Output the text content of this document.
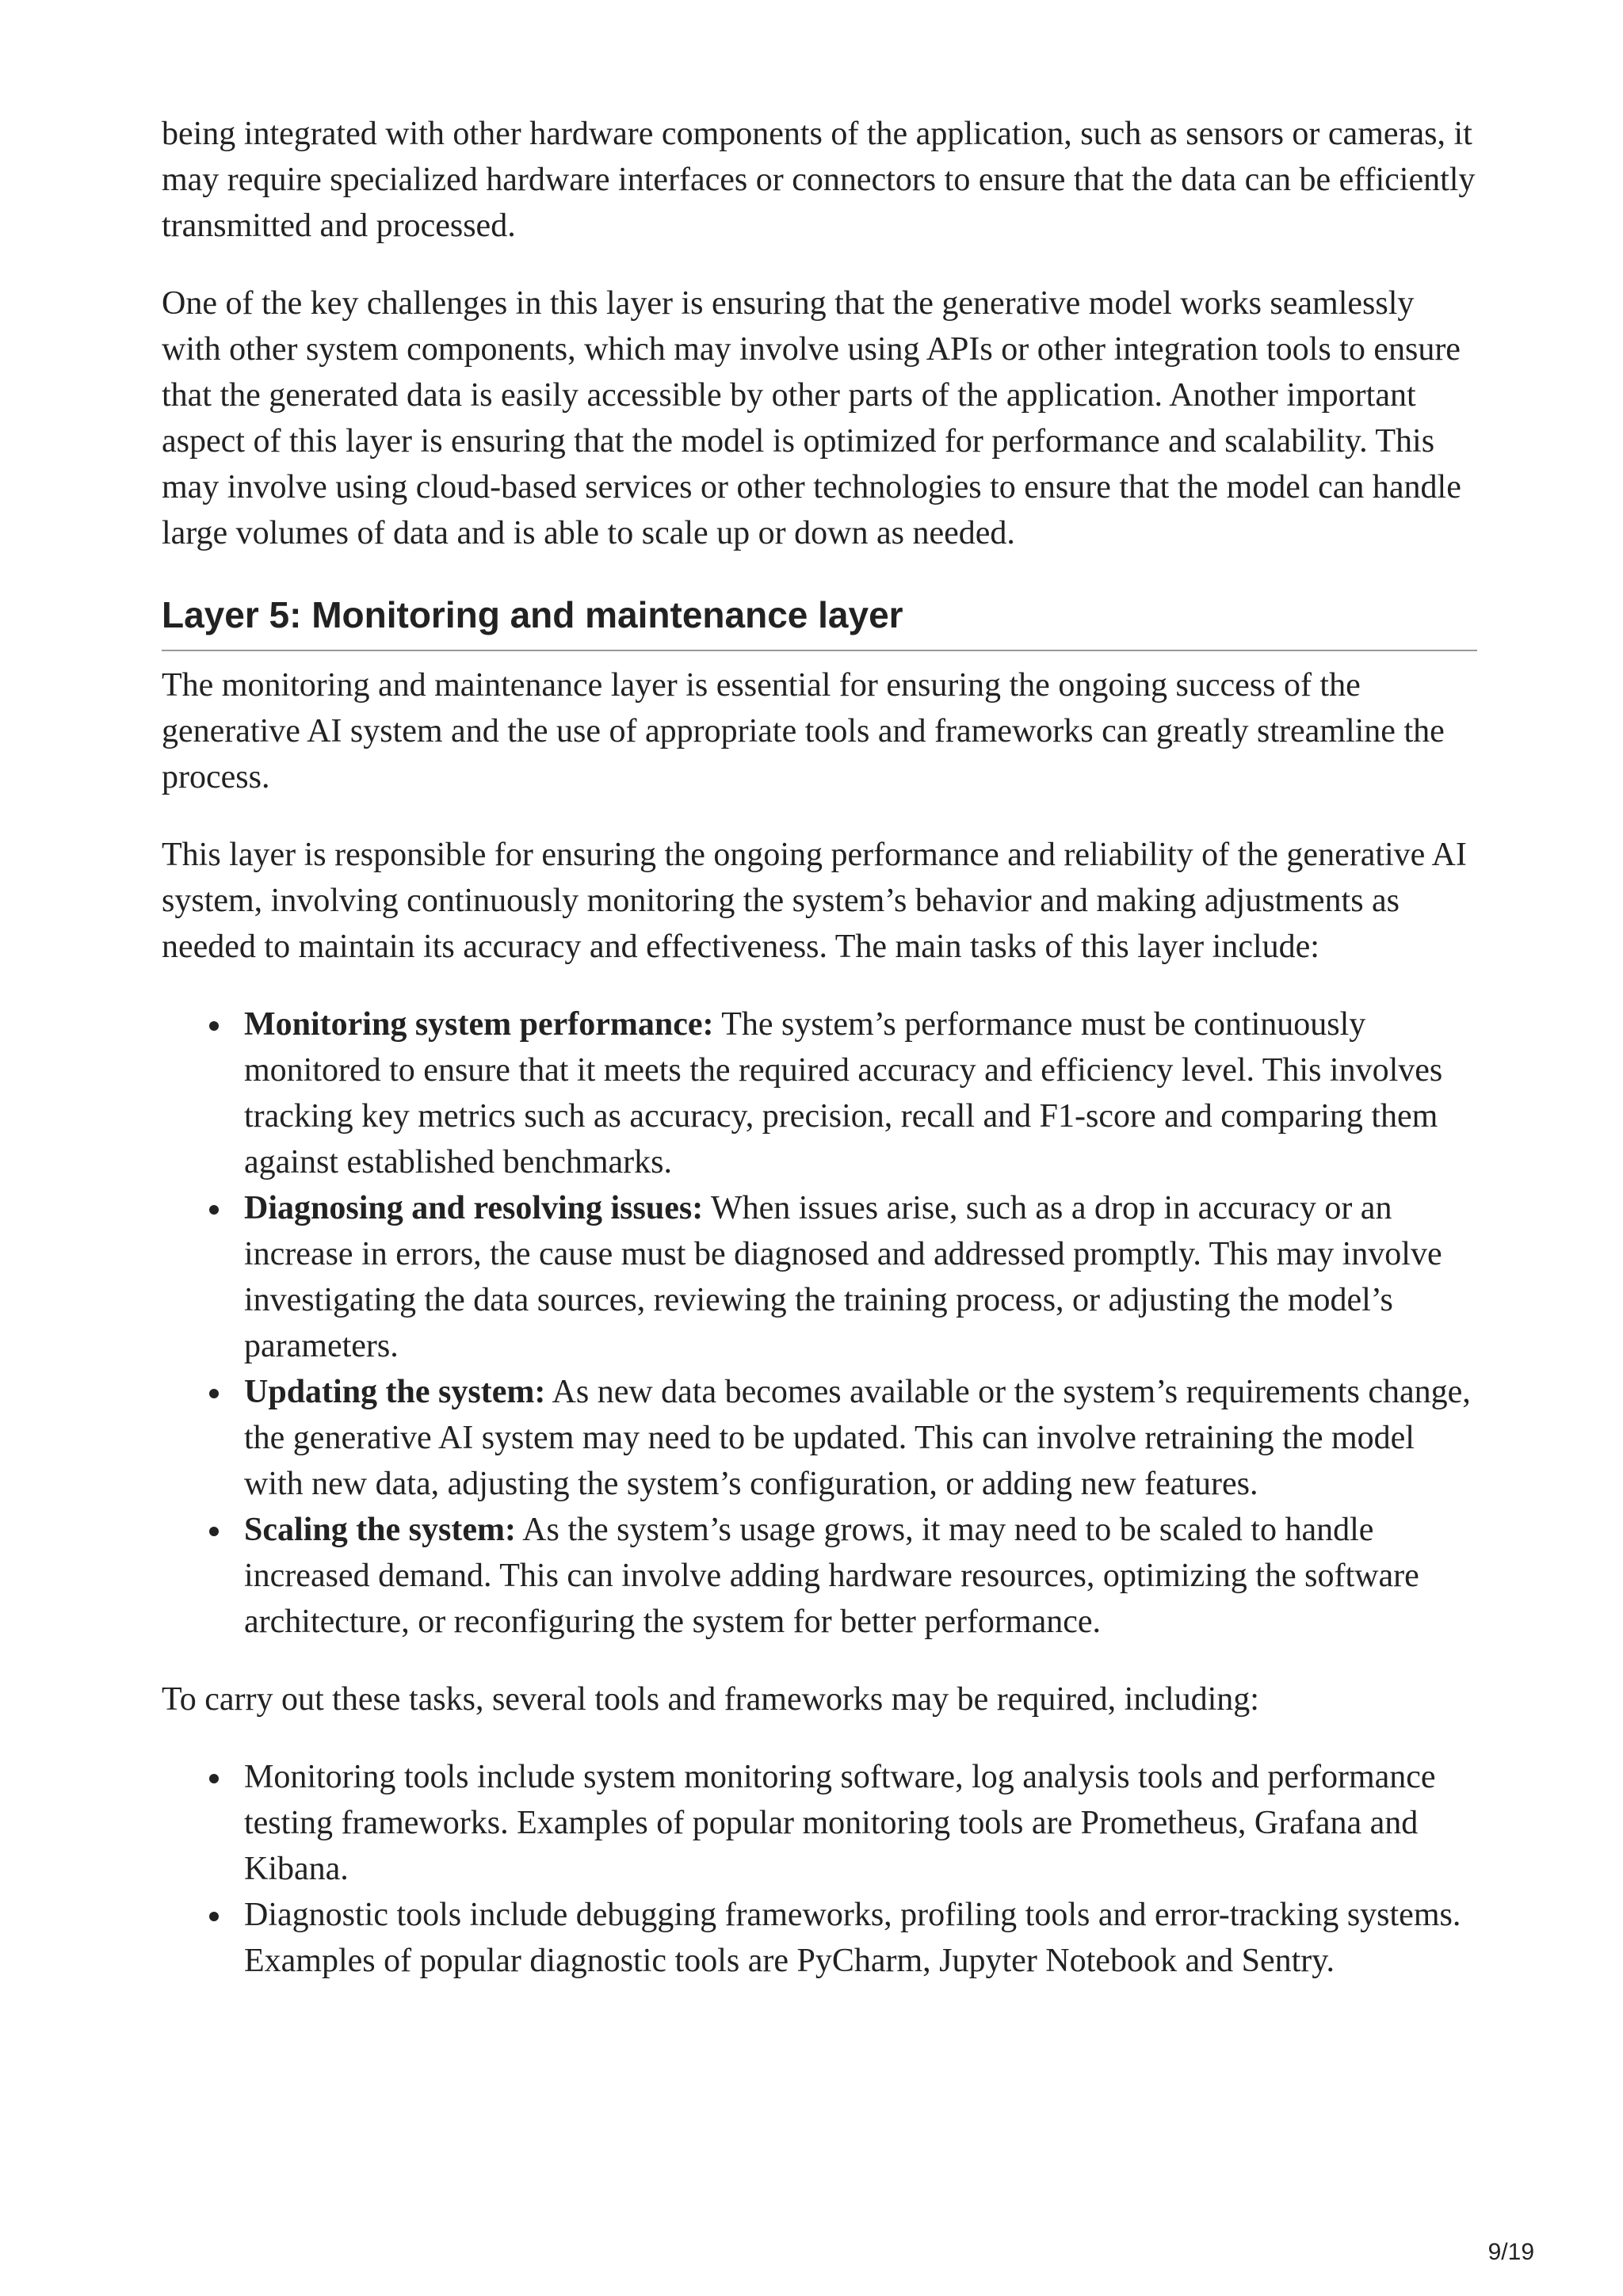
being integrated with other hardware components of the application, such as sensors or cameras, it may require specialized hardware interfaces or connectors to ensure that the data can be efficiently transmitted and processed.

One of the key challenges in this layer is ensuring that the generative model works seamlessly with other system components, which may involve using APIs or other integration tools to ensure that the generated data is easily accessible by other parts of the application. Another important aspect of this layer is ensuring that the model is optimized for performance and scalability. This may involve using cloud-based services or other technologies to ensure that the model can handle large volumes of data and is able to scale up or down as needed.

Layer 5: Monitoring and maintenance layer

The monitoring and maintenance layer is essential for ensuring the ongoing success of the generative AI system and the use of appropriate tools and frameworks can greatly streamline the process.

This layer is responsible for ensuring the ongoing performance and reliability of the generative AI system, involving continuously monitoring the system’s behavior and making adjustments as needed to maintain its accuracy and effectiveness. The main tasks of this layer include:

Monitoring system performance: The system’s performance must be continuously monitored to ensure that it meets the required accuracy and efficiency level. This involves tracking key metrics such as accuracy, precision, recall and F1-score and comparing them against established benchmarks.
Diagnosing and resolving issues: When issues arise, such as a drop in accuracy or an increase in errors, the cause must be diagnosed and addressed promptly. This may involve investigating the data sources, reviewing the training process, or adjusting the model’s parameters.
Updating the system: As new data becomes available or the system’s requirements change, the generative AI system may need to be updated. This can involve retraining the model with new data, adjusting the system’s configuration, or adding new features.
Scaling the system: As the system’s usage grows, it may need to be scaled to handle increased demand. This can involve adding hardware resources, optimizing the software architecture, or reconfiguring the system for better performance.

To carry out these tasks, several tools and frameworks may be required, including:

Monitoring tools include system monitoring software, log analysis tools and performance testing frameworks. Examples of popular monitoring tools are Prometheus, Grafana and Kibana.
Diagnostic tools include debugging frameworks, profiling tools and error-tracking systems. Examples of popular diagnostic tools are PyCharm, Jupyter Notebook and Sentry.
9/19
